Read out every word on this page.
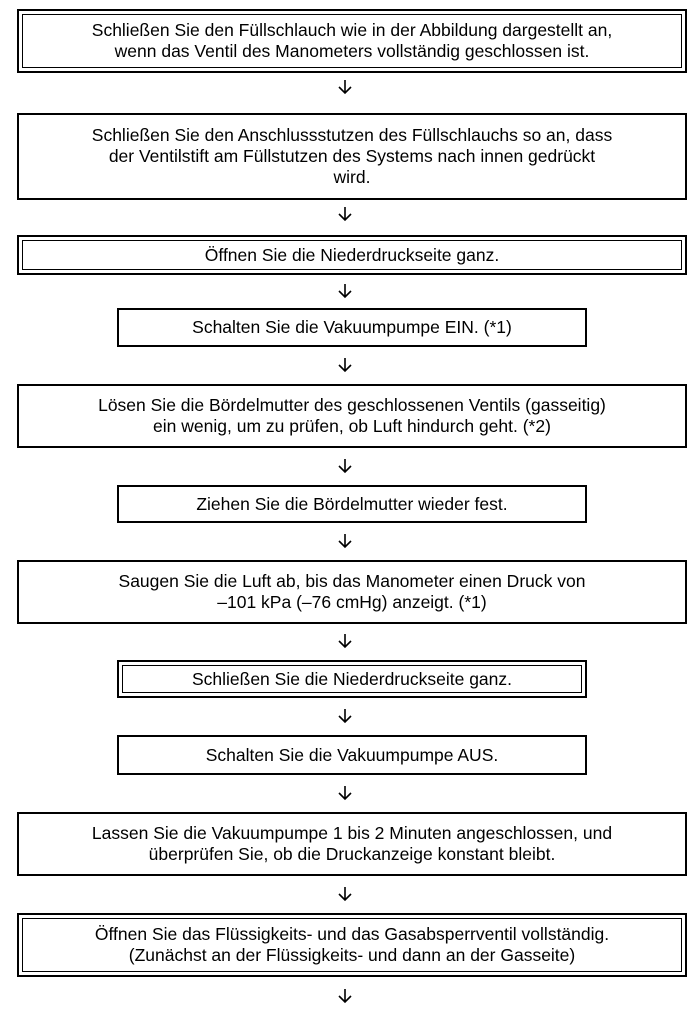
Schließen Sie den Füllschlauch wie in der Abbildung dargestellt an,
wenn das Ventil des Manometers vollständig geschlossen ist.
Schließen Sie den Anschlussstutzen des Füllschlauchs so an, dass
der Ventilstift am Füllstutzen des Systems nach innen gedrückt
wird.
Öffnen Sie die Niederdruckseite ganz.
Schalten Sie die Vakuumpumpe EIN. (*1)
Lösen Sie die Bördelmutter des geschlossenen Ventils (gasseitig)
ein wenig, um zu prüfen, ob Luft hindurch geht. (*2)
Ziehen Sie die Bördelmutter wieder fest.
Saugen Sie die Luft ab, bis das Manometer einen Druck von
–101 kPa (–76 cmHg) anzeigt. (*1)
Schließen Sie die Niederdruckseite ganz.
Schalten Sie die Vakuumpumpe AUS.
Lassen Sie die Vakuumpumpe 1 bis 2 Minuten angeschlossen, und
überprüfen Sie, ob die Druckanzeige konstant bleibt.
Öffnen Sie das Flüssigkeits- und das Gasabsperrventil vollständig.
(Zunächst an der Flüssigkeits- und dann an der Gasseite)
